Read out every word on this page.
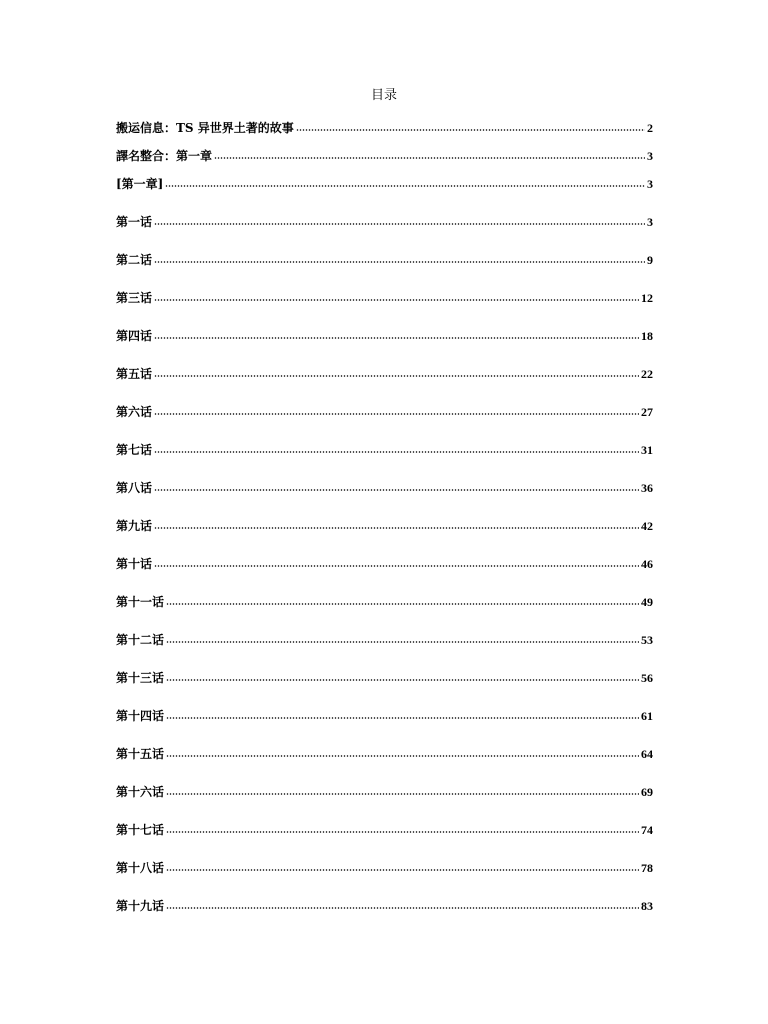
目录
搬运信息：TS 异世界土著的故事	2
譯名整合：第一章	3
[第一章]	3
第一话	3
第二话	9
第三话	12
第四话	18
第五话	22
第六话	27
第七话	31
第八话	36
第九话	42
第十话	46
第十一话	49
第十二话	53
第十三话	56
第十四话	61
第十五话	64
第十六话	69
第十七话	74
第十八话	78
第十九话	83
